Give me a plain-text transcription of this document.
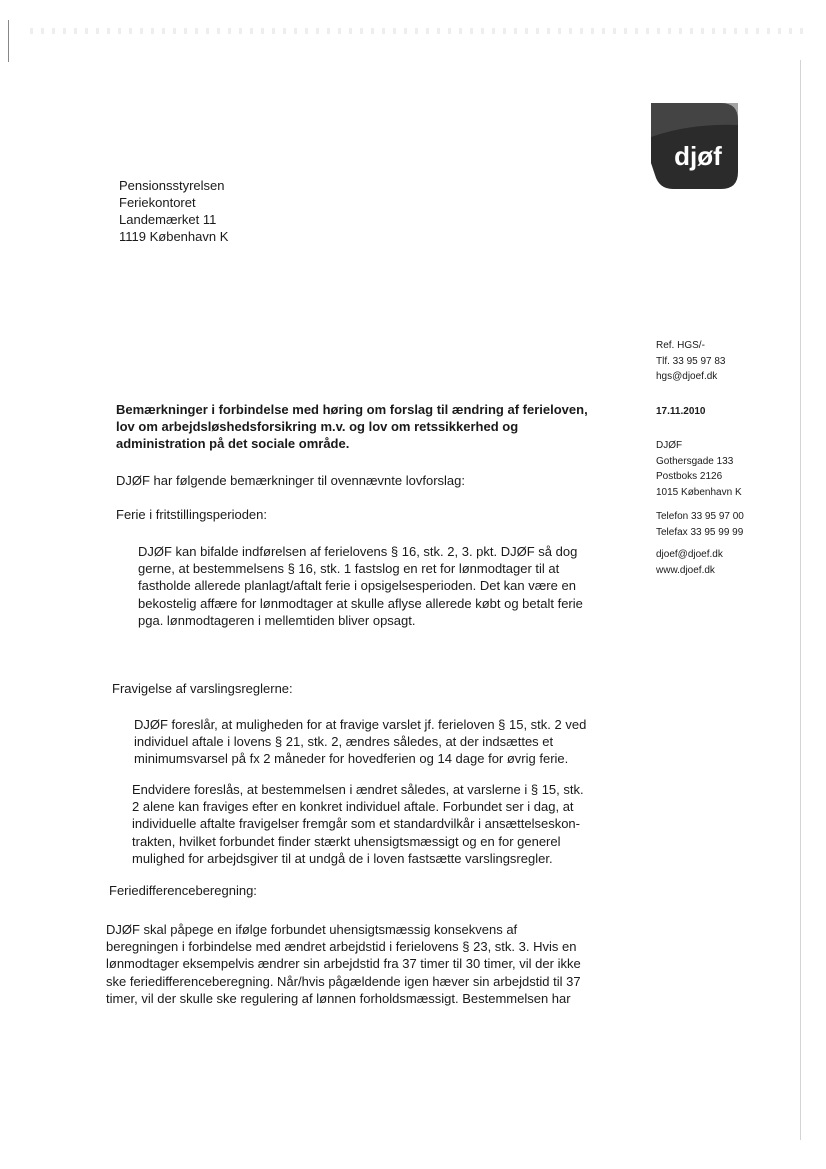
djøf
Pensionsstyrelsen
Feriekontoret
Landemærket 11
1119 København K
Ref. HGS/-
Tlf. 33 95 97 83
hgs@djoef.dk
17.11.2010
DJØF
Gothersgade 133
Postboks 2126
1015 København K
Telefon 33 95 97 00
Telefax 33 95 99 99
djoef@djoef.dk
www.djoef.dk
Bemærkninger i forbindelse med høring om forslag til ændring af ferieloven,
lov om arbejdsløshedsforsikring m.v. og lov om retssikkerhed og
administration på det sociale område.
DJØF har følgende bemærkninger til ovennævnte lovforslag:
Ferie i fritstillingsperioden:
DJØF kan bifalde indførelsen af ferielovens § 16, stk. 2, 3. pkt. DJØF så dog
gerne, at bestemmelsens § 16, stk. 1 fastslog en ret for lønmodtager til at
fastholde allerede planlagt/aftalt ferie i opsigelsesperioden. Det kan være en
bekostelig affære for lønmodtager at skulle aflyse allerede købt og betalt ferie
pga. lønmodtageren i mellemtiden bliver opsagt.
Fravigelse af varslingsreglerne:
DJØF foreslår, at muligheden for at fravige varslet jf. ferieloven § 15, stk. 2 ved
individuel aftale i lovens § 21, stk. 2, ændres således, at der indsættes et
minimumsvarsel på fx 2 måneder for hovedferien og 14 dage for øvrig ferie.
Endvidere foreslås, at bestemmelsen i ændret således, at varslerne i § 15, stk.
2 alene kan fraviges efter en konkret individuel aftale. Forbundet ser i dag, at
individuelle aftalte fravigelser fremgår som et standardvilkår i ansættelseskon-
trakten, hvilket forbundet finder stærkt uhensigtsmæssigt og en for generel
mulighed for arbejdsgiver til at undgå de i loven fastsætte varslingsregler.
Feriedifferenceberegning:
DJØF skal påpege en ifølge forbundet uhensigtsmæssig konsekvens af
beregningen i forbindelse med ændret arbejdstid i ferielovens § 23, stk. 3. Hvis en
lønmodtager eksempelvis ændrer sin arbejdstid fra 37 timer til 30 timer, vil der ikke
ske feriedifferenceberegning. Når/hvis pågældende igen hæver sin arbejdstid til 37
timer, vil der skulle ske regulering af lønnen forholdsmæssigt. Bestemmelsen har
